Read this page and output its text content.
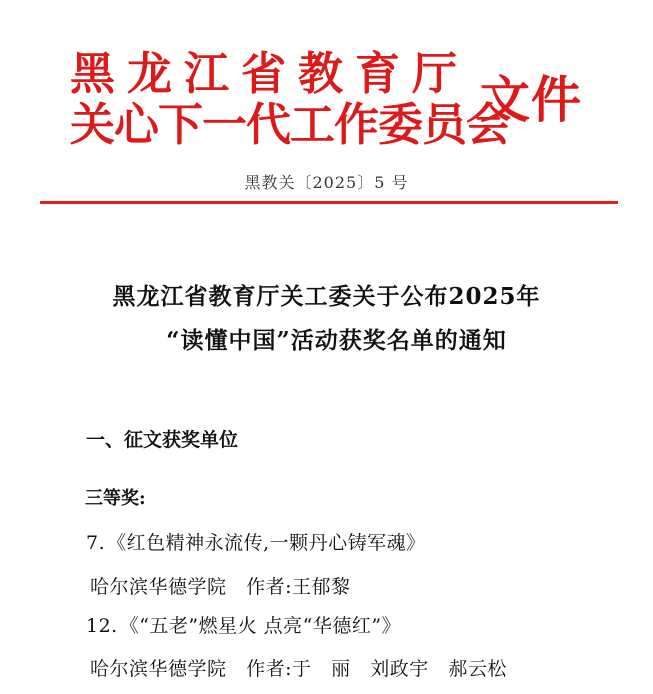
黑龙江省教育厅
关心下一代工作委员会
文件
黑教关〔2025〕5 号
黑龙江省教育厅关工委关于公布2025年
“读懂中国”活动获奖名单的通知
一、征文获奖单位
三等奖:
7. 《红色精神永流传,一颗丹心铸军魂》
哈尔滨华德学院   作者:王郁黎
12. 《“五老”燃星火 点亮“华德红”》
哈尔滨华德学院   作者:于   丽   刘政宇   郝云松
